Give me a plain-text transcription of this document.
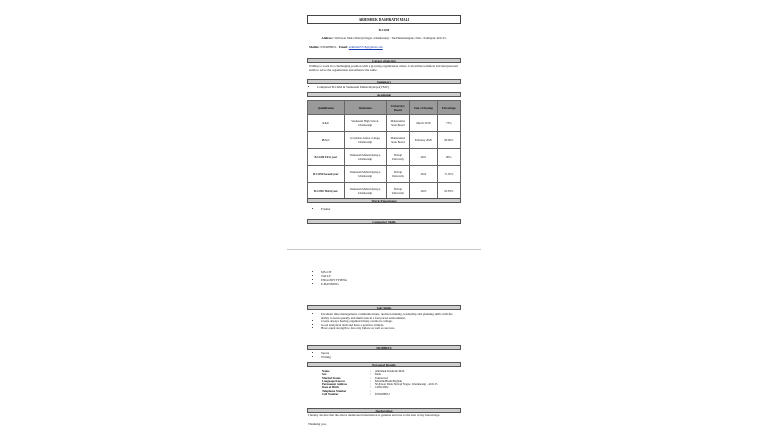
ABHISHEK DASHRATH MALI
B.COM
Address: 50,Pawar Mala Shivaji Nagar, Ichalkaranji - Tal-Hatkanangale, Dist.- Kolhapur 416115.
Mobile: 9359288951. Email: abhimali5718@gmail.com
Career objective
Willing to work in a challenging position with a growing organization where I can utilize technical and interpersonal skills to serve the organization and enhance the same.
Summary
• Completed B.COM in Venkatesh Mahavidyalaya(VMV)
Academic
Qualification	Institution	University/ Board	Year of Passing	Percentage
S.S.C	Venkatesh High School, Ichalkaranji	Maharashtra State Board	March 2018	73%
H.S.C	Govindrao Junior college, Ichalkaranji	Maharashtra State Board	February 2020	69.69%
B.COM First year	Venkatesh Mahavidyalaya, Ichalkaranji	Shivaji University	2021	80%
B.COM Second year	Venkatesh Mahavidyalaya, Ichalkaranji	Shivaji University	2022	71.05%
B.COM Third year	Venkatesh Mahavidyalaya, Ichalkaranji	Shivaji University	2023	63.83%
Work Experience
• Fresher
Computer Skills
• MS-CIT
• TALLY
• ENGLISH TYPING
• E-BANKING
Soft Skills
• Excellent time management, communications, decision making, leadership and planning skills with the ability to learn quickly and multi task in a fast paced environment.
• Create always having organized many events in college.
• Good analytical skill and have a positive attitude.
• Have equal strength to face any failure as well as success.
HOBBIES
• Sports
• Writing
Personal Details
Name	:	Abhishek Dashrath Mali
Sex	:	Male
Marital Status	:	Unmarried
Language Known	:	Marathi/Hindi/English
Permanent Address	:	50,Pawar Mala Shivaji Nagar, Ichalkaranji - 416115
Date of Birth	:	14/06/2002
Telephone Number	:	
Cell Number	:	9359288951
Declaration
I hereby declare that the above mentioned information is genuine and true to the best of my knowledge.
Thanking you,
